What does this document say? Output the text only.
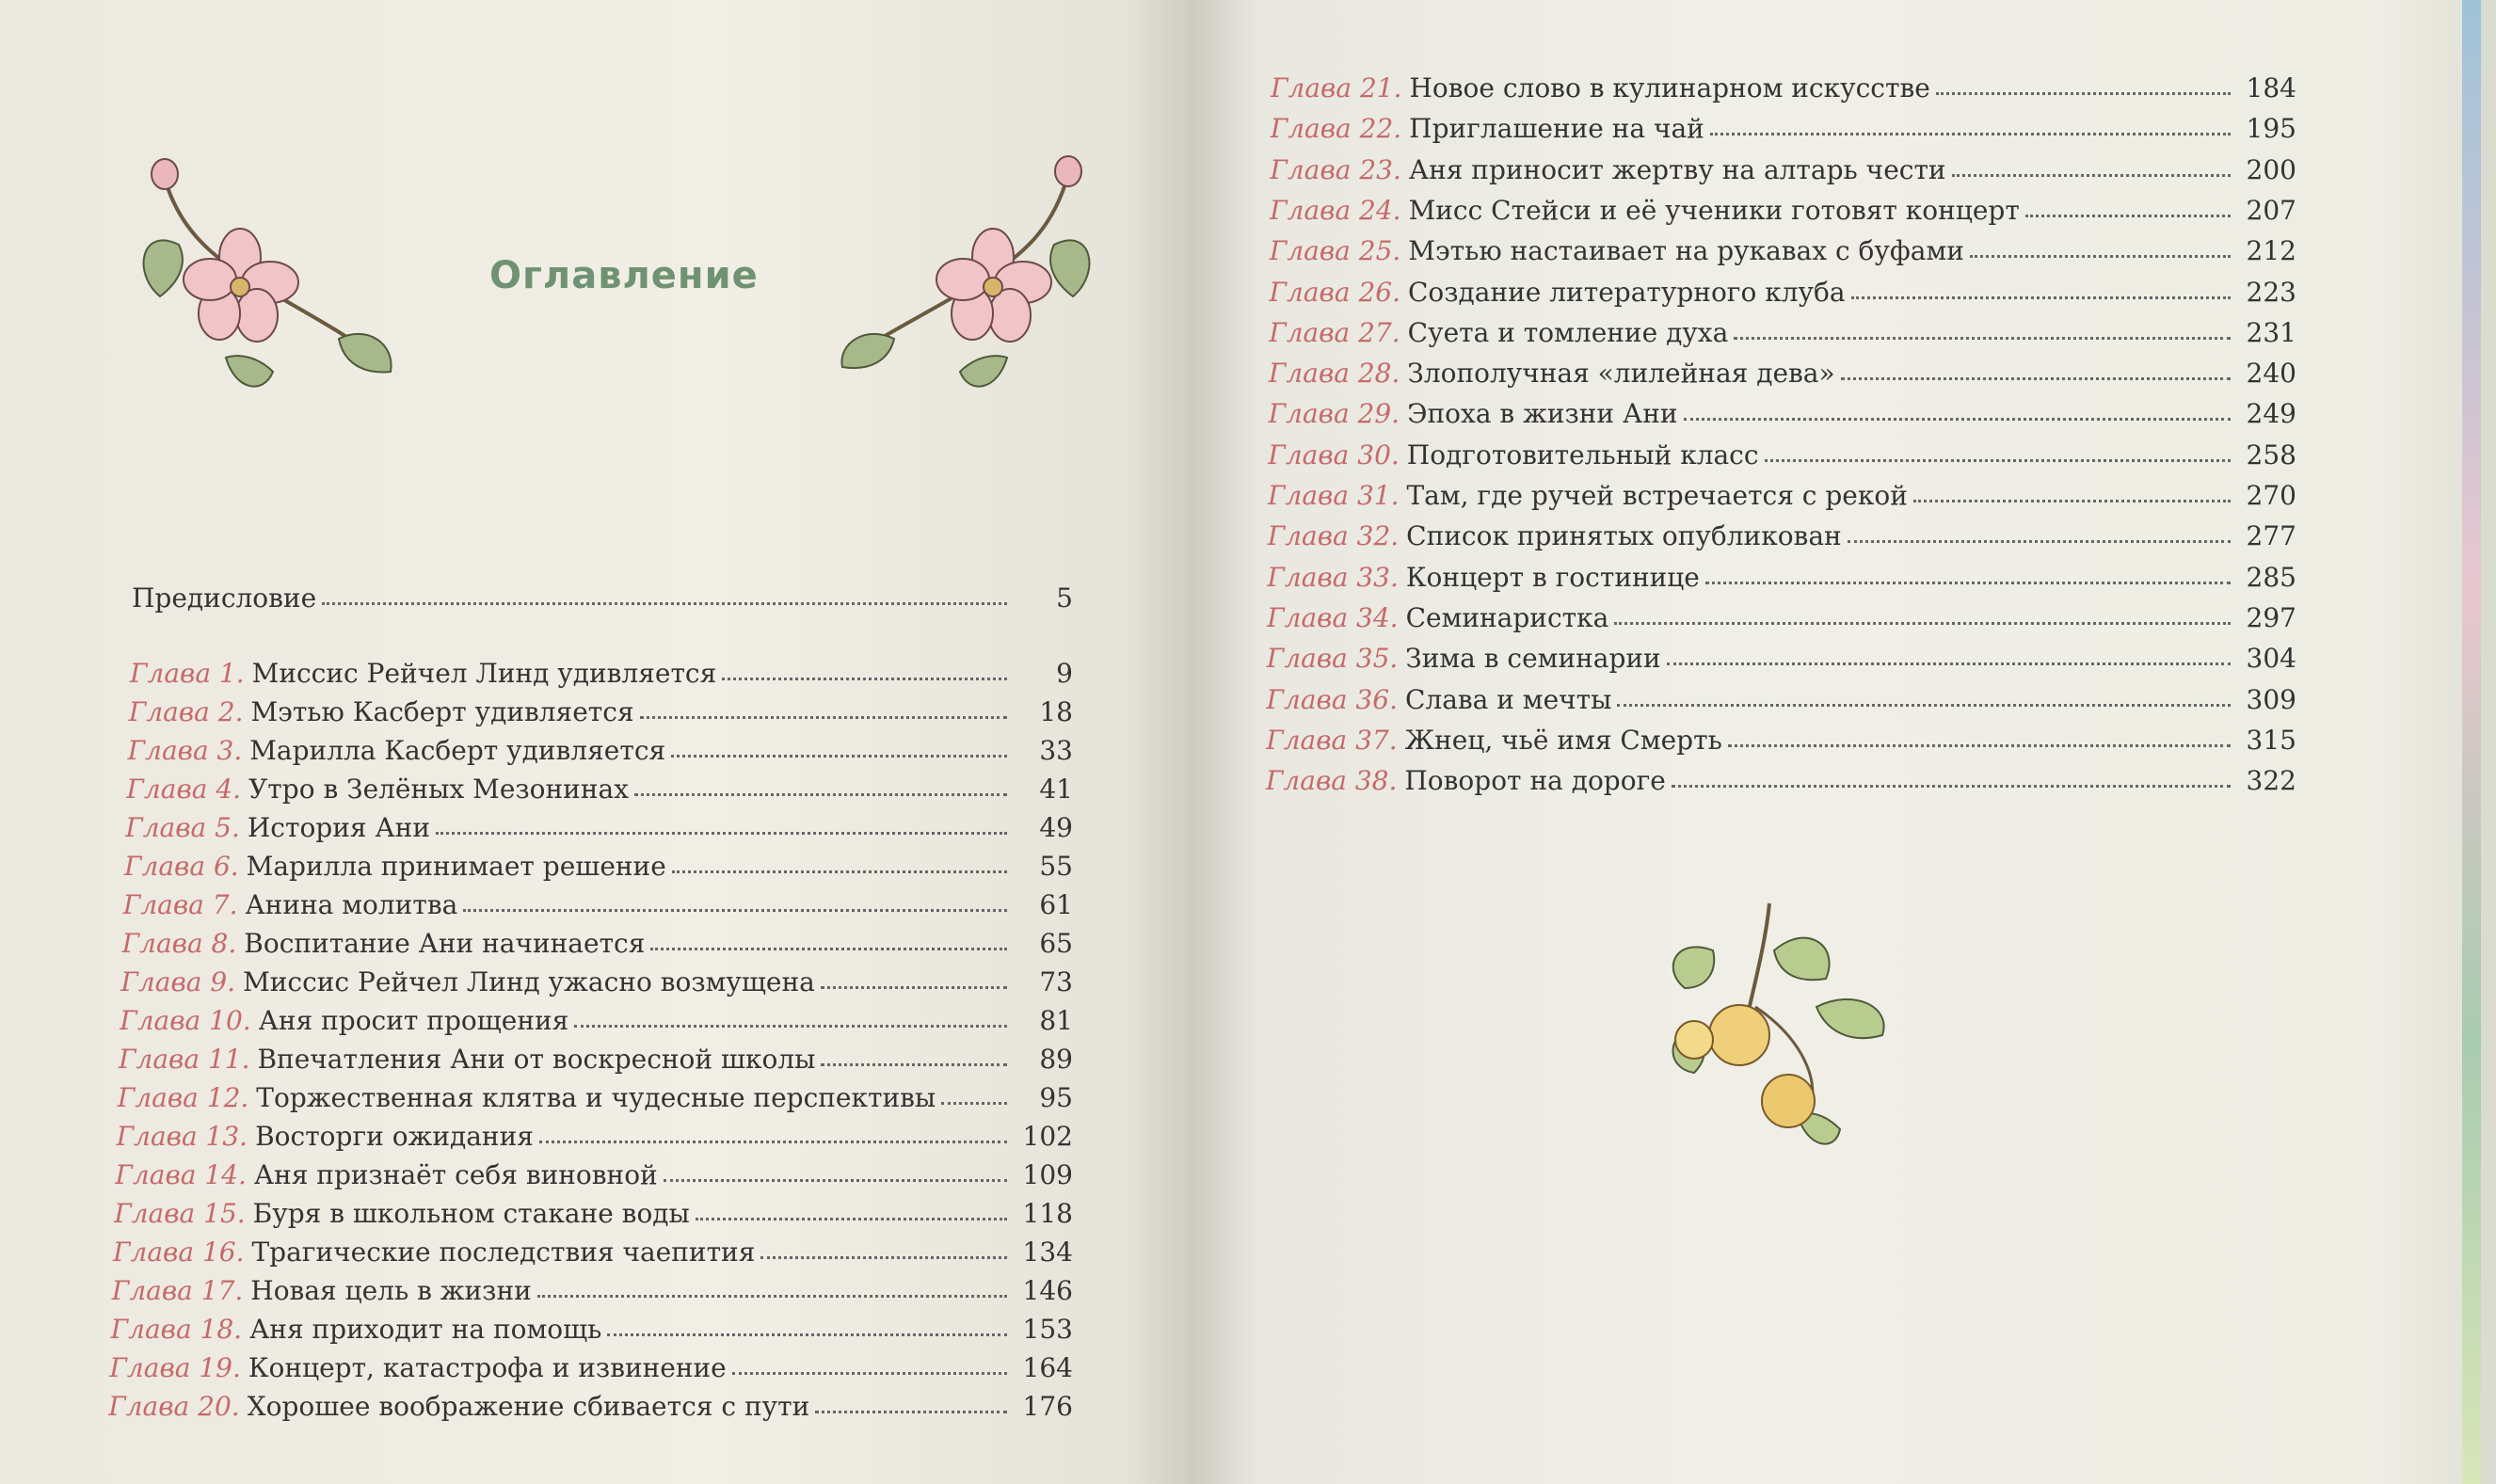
Оглавление
Предисловие	5
Глава 1. Миссис Рейчел Линд удивляется	9
Глава 2. Мэтью Касберт удивляется	18
Глава 3. Марилла Касберт удивляется	33
Глава 4. Утро в Зелёных Мезонинах	41
Глава 5. История Ани	49
Глава 6. Марилла принимает решение	55
Глава 7. Анина молитва	61
Глава 8. Воспитание Ани начинается	65
Глава 9. Миссис Рейчел Линд ужасно возмущена	73
Глава 10. Аня просит прощения	81
Глава 11. Впечатления Ани от воскресной школы	89
Глава 12. Торжественная клятва и чудесные перспективы	95
Глава 13. Восторги ожидания	102
Глава 14. Аня признаёт себя виновной	109
Глава 15. Буря в школьном стакане воды	118
Глава 16. Трагические последствия чаепития	134
Глава 17. Новая цель в жизни	146
Глава 18. Аня приходит на помощь	153
Глава 19. Концерт, катастрофа и извинение	164
Глава 20. Хорошее воображение сбивается с пути	176
Глава 21. Новое слово в кулинарном искусстве	184
Глава 22. Приглашение на чай	195
Глава 23. Аня приносит жертву на алтарь чести	200
Глава 24. Мисс Стейси и её ученики готовят концерт	207
Глава 25. Мэтью настаивает на рукавах с буфами	212
Глава 26. Создание литературного клуба	223
Глава 27. Суета и томление духа	231
Глава 28. Злополучная «лилейная дева»	240
Глава 29. Эпоха в жизни Ани	249
Глава 30. Подготовительный класс	258
Глава 31. Там, где ручей встречается с рекой	270
Глава 32. Список принятых опубликован	277
Глава 33. Концерт в гостинице	285
Глава 34. Семинаристка	297
Глава 35. Зима в семинарии	304
Глава 36. Слава и мечты	309
Глава 37. Жнец, чьё имя Смерть	315
Глава 38. Поворот на дороге	322
